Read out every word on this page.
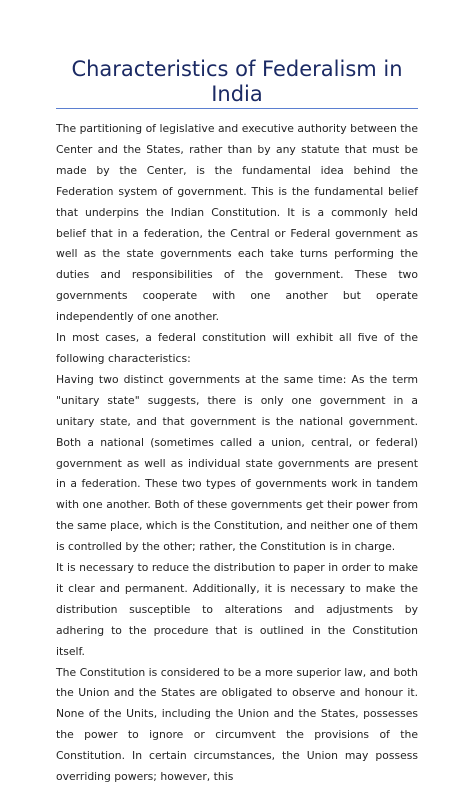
Characteristics of Federalism in India

The partitioning of legislative and executive authority between the Center and the States, rather than by any statute that must be made by the Center, is the fundamental idea behind the Federation system of government. This is the fundamental belief that underpins the Indian Constitution. It is a commonly held belief that in a federation, the Central or Federal government as well as the state governments each take turns performing the duties and responsibilities of the government. These two governments cooperate with one another but operate independently of one another.

In most cases, a federal constitution will exhibit all five of the following characteristics:

Having two distinct governments at the same time: As the term "unitary state" suggests, there is only one government in a unitary state, and that government is the national government. Both a national (sometimes called a union, central, or federal) government as well as individual state governments are present in a federation. These two types of governments work in tandem with one another. Both of these governments get their power from the same place, which is the Constitution, and neither one of them is controlled by the other; rather, the Constitution is in charge.

It is necessary to reduce the distribution to paper in order to make it clear and permanent. Additionally, it is necessary to make the distribution susceptible to alterations and adjustments by adhering to the procedure that is outlined in the Constitution itself.

The Constitution is considered to be a more superior law, and both the Union and the States are obligated to observe and honour it. None of the Units, including the Union and the States, possesses the power to ignore or circumvent the provisions of the Constitution. In certain circumstances, the Union may possess overriding powers; however, this
